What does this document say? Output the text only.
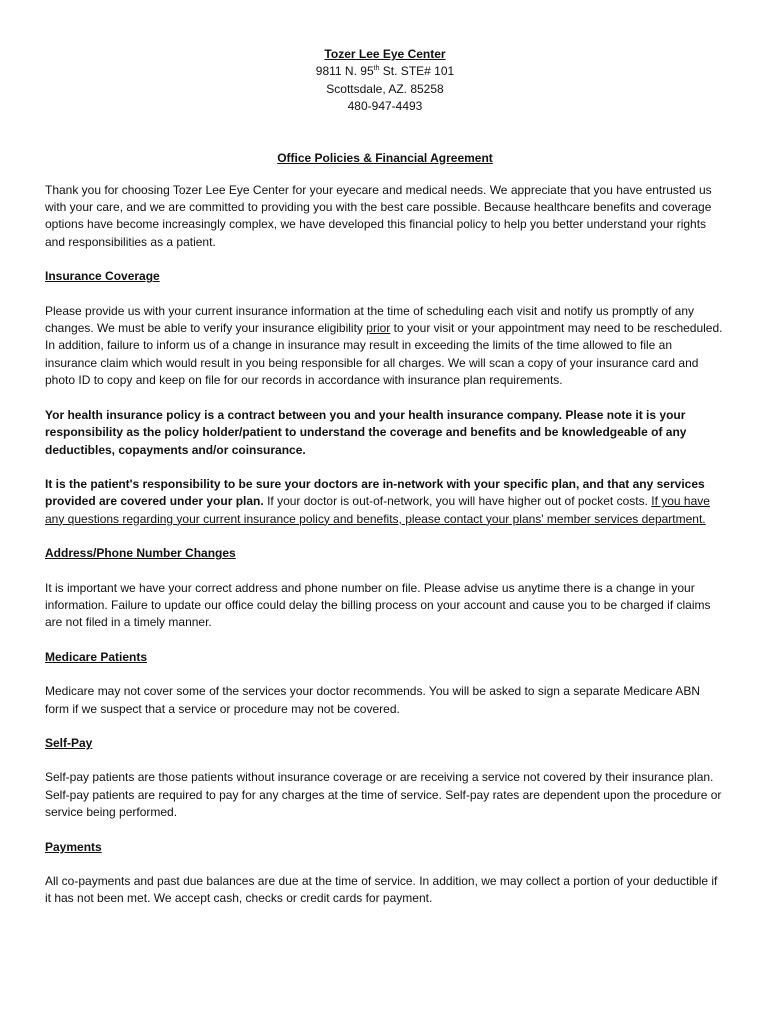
Tozer Lee Eye Center
9811 N. 95th St. STE# 101
Scottsdale, AZ. 85258
480-947-4493
Office Policies & Financial Agreement

Thank you for choosing Tozer Lee Eye Center for your eyecare and medical needs. We appreciate that you have entrusted us with your care, and we are committed to providing you with the best care possible. Because healthcare benefits and coverage options have become increasingly complex, we have developed this financial policy to help you better understand your rights and responsibilities as a patient.

Insurance Coverage

Please provide us with your current insurance information at the time of scheduling each visit and notify us promptly of any changes. We must be able to verify your insurance eligibility prior to your visit or your appointment may need to be rescheduled. In addition, failure to inform us of a change in insurance may result in exceeding the limits of the time allowed to file an insurance claim which would result in you being responsible for all charges. We will scan a copy of your insurance card and photo ID to copy and keep on file for our records in accordance with insurance plan requirements.

Yor health insurance policy is a contract between you and your health insurance company. Please note it is your responsibility as the policy holder/patient to understand the coverage and benefits and be knowledgeable of any deductibles, copayments and/or coinsurance.

It is the patient's responsibility to be sure your doctors are in-network with your specific plan, and that any services provided are covered under your plan. If your doctor is out-of-network, you will have higher out of pocket costs. If you have any questions regarding your current insurance policy and benefits, please contact your plans' member services department.

Address/Phone Number Changes

It is important we have your correct address and phone number on file. Please advise us anytime there is a change in your information. Failure to update our office could delay the billing process on your account and cause you to be charged if claims are not filed in a timely manner.

Medicare Patients

Medicare may not cover some of the services your doctor recommends. You will be asked to sign a separate Medicare ABN form if we suspect that a service or procedure may not be covered.

Self-Pay

Self-pay patients are those patients without insurance coverage or are receiving a service not covered by their insurance plan. Self-pay patients are required to pay for any charges at the time of service. Self-pay rates are dependent upon the procedure or service being performed.

Payments

All co-payments and past due balances are due at the time of service. In addition, we may collect a portion of your deductible if it has not been met. We accept cash, checks or credit cards for payment.
